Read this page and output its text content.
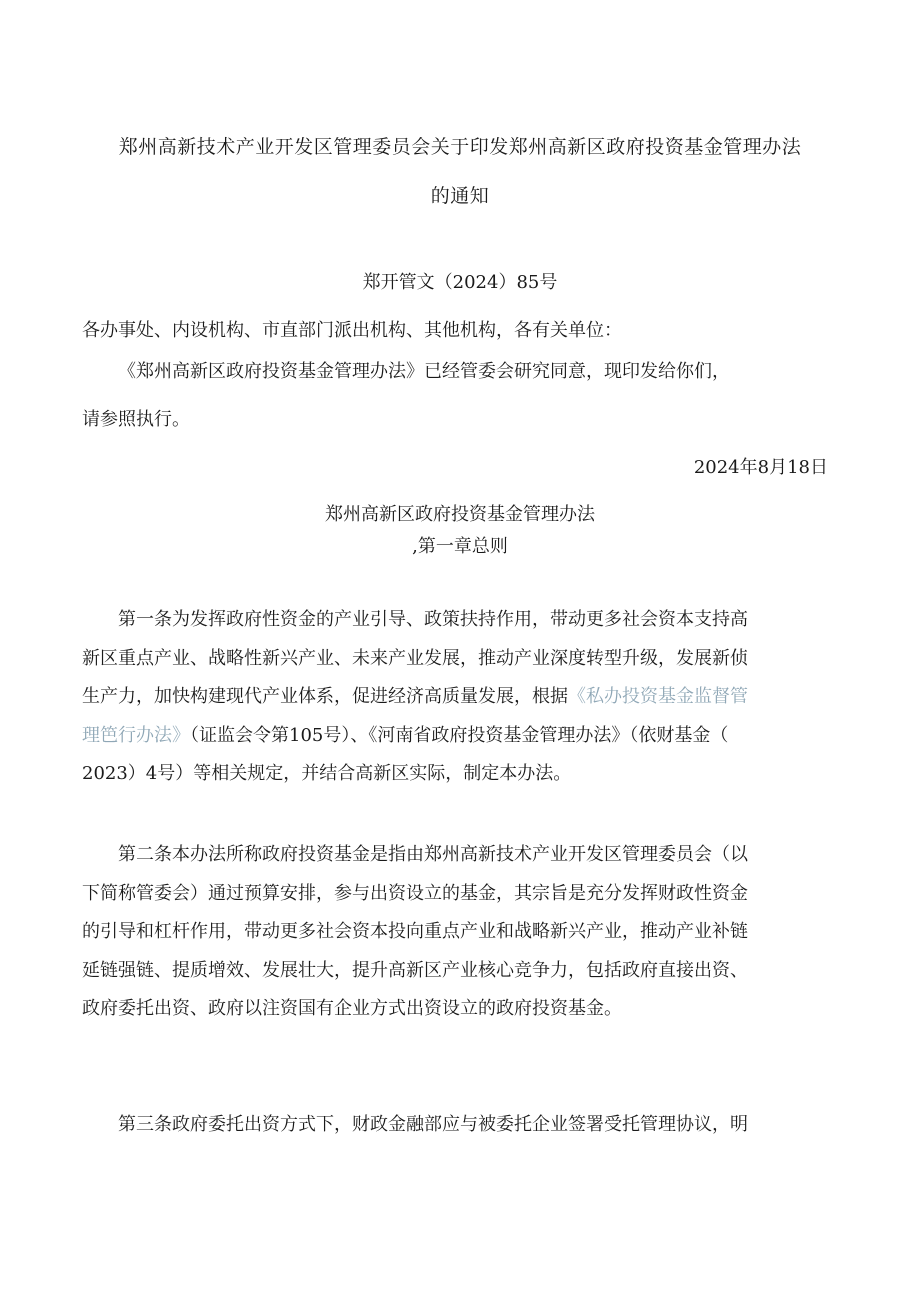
郑州高新技术产业开发区管理委员会关于印发郑州高新区政府投资基金管理办法
的通知
郑开管文（2024）85号
各办事处、内设机构、市直部门派出机构、其他机构，各有关单位：
《郑州高新区政府投资基金管理办法》已经管委会研究同意，现印发给你们，
请参照执行。
2024年8月18日
郑州高新区政府投资基金管理办法
,第一章总则
第一条为发挥政府性资金的产业引导、政策扶持作用，带动更多社会资本支持高
新区重点产业、战略性新兴产业、未来产业发展，推动产业深度转型升级，发展新侦
生产力，加快构建现代产业体系，促进经济高质量发展，根据《私办投资基金监督管
理笆行办法》（证监会令第105号）、《河南省政府投资基金管理办法》（依财基金（
2023）4号）等相关规定，并结合高新区实际，制定本办法。
第二条本办法所称政府投资基金是指由郑州高新技术产业开发区管理委员会（以
下简称管委会）通过预算安排，参与出资设立的基金，其宗旨是充分发挥财政性资金
的引导和杠杆作用，带动更多社会资本投向重点产业和战略新兴产业，推动产业补链
延链强链、提质增效、发展壮大，提升高新区产业核心竞争力，包括政府直接出资、
政府委托出资、政府以注资国有企业方式出资设立的政府投资基金。
第三条政府委托出资方式下，财政金融部应与被委托企业签署受托管理协议，明
